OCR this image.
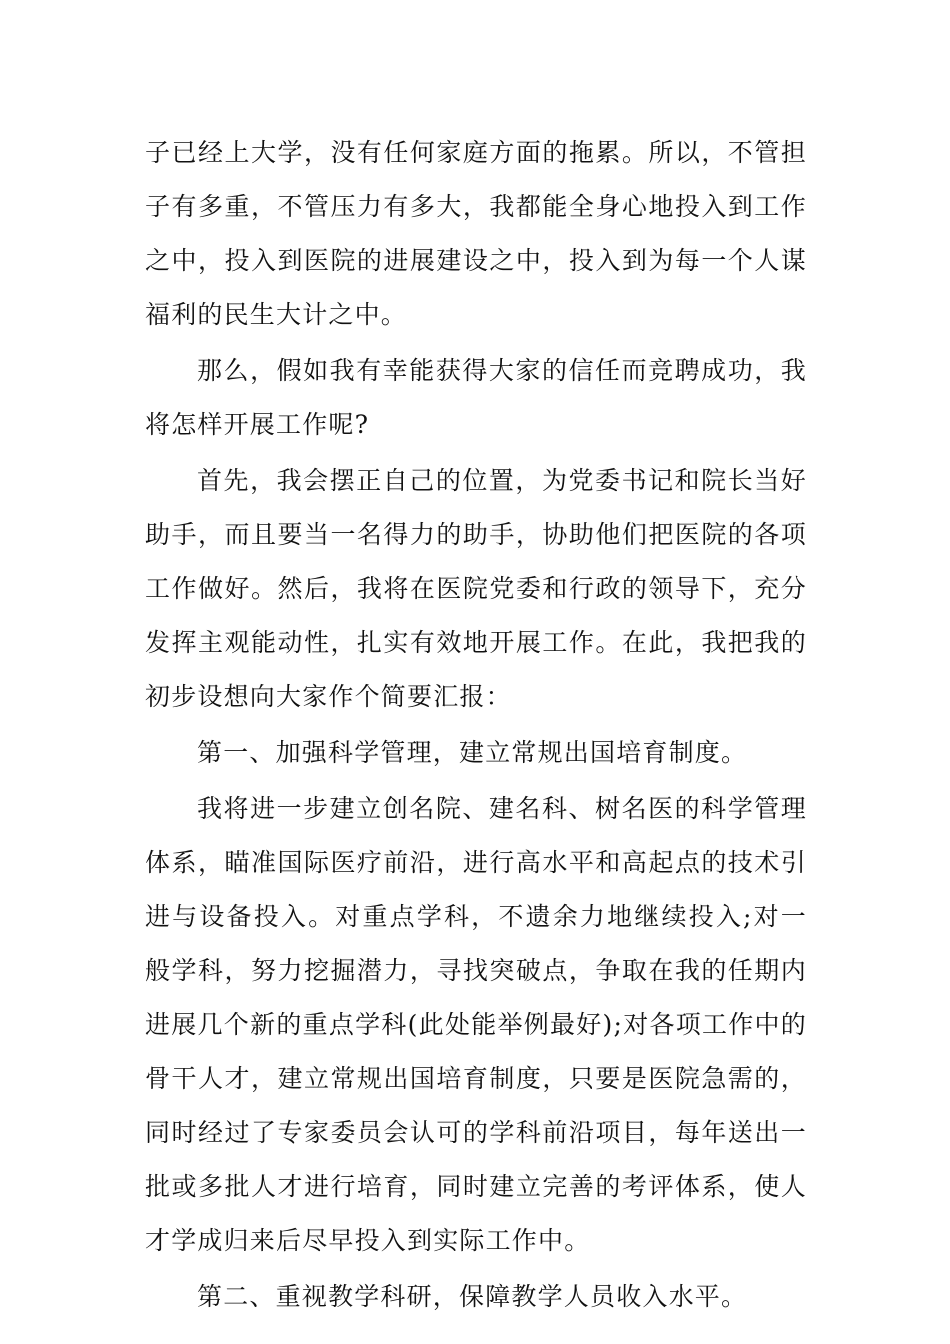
子已经上大学，没有任何家庭方面的拖累。所以，不管担子有多重，不管压力有多大，我都能全身心地投入到工作之中，投入到医院的进展建设之中，投入到为每一个人谋福利的民生大计之中。

那么，假如我有幸能获得大家的信任而竞聘成功，我将怎样开展工作呢?

首先，我会摆正自己的位置，为党委书记和院长当好助手，而且要当一名得力的助手，协助他们把医院的各项工作做好。然后，我将在医院党委和行政的领导下，充分发挥主观能动性，扎实有效地开展工作。在此，我把我的初步设想向大家作个简要汇报：

第一、加强科学管理，建立常规出国培育制度。

我将进一步建立创名院、建名科、树名医的科学管理体系，瞄准国际医疗前沿，进行高水平和高起点的技术引进与设备投入。对重点学科，不遗余力地继续投入;对一般学科，努力挖掘潜力，寻找突破点，争取在我的任期内进展几个新的重点学科(此处能举例最好);对各项工作中的骨干人才，建立常规出国培育制度，只要是医院急需的，同时经过了专家委员会认可的学科前沿项目，每年送出一批或多批人才进行培育，同时建立完善的考评体系，使人才学成归来后尽早投入到实际工作中。

第二、重视教学科研，保障教学人员收入水平。
